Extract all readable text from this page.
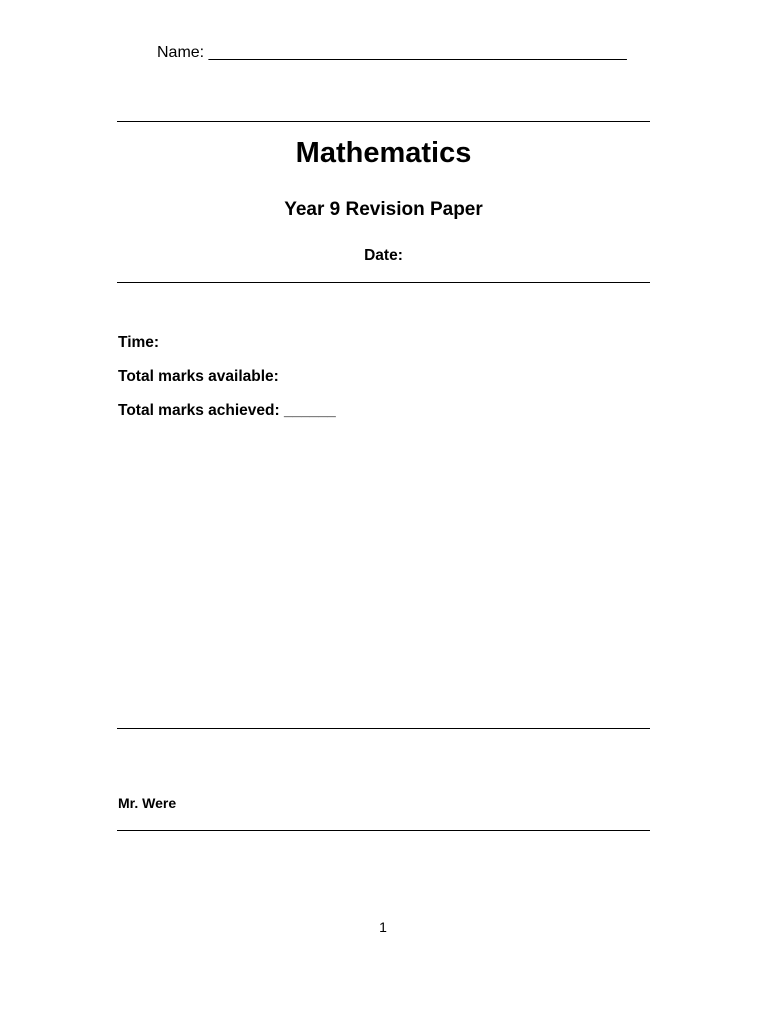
Name: _______________________________________________
Mathematics
Year 9 Revision Paper
Date:
Time:
Total marks available:
Total marks achieved: ______
Mr. Were
1
